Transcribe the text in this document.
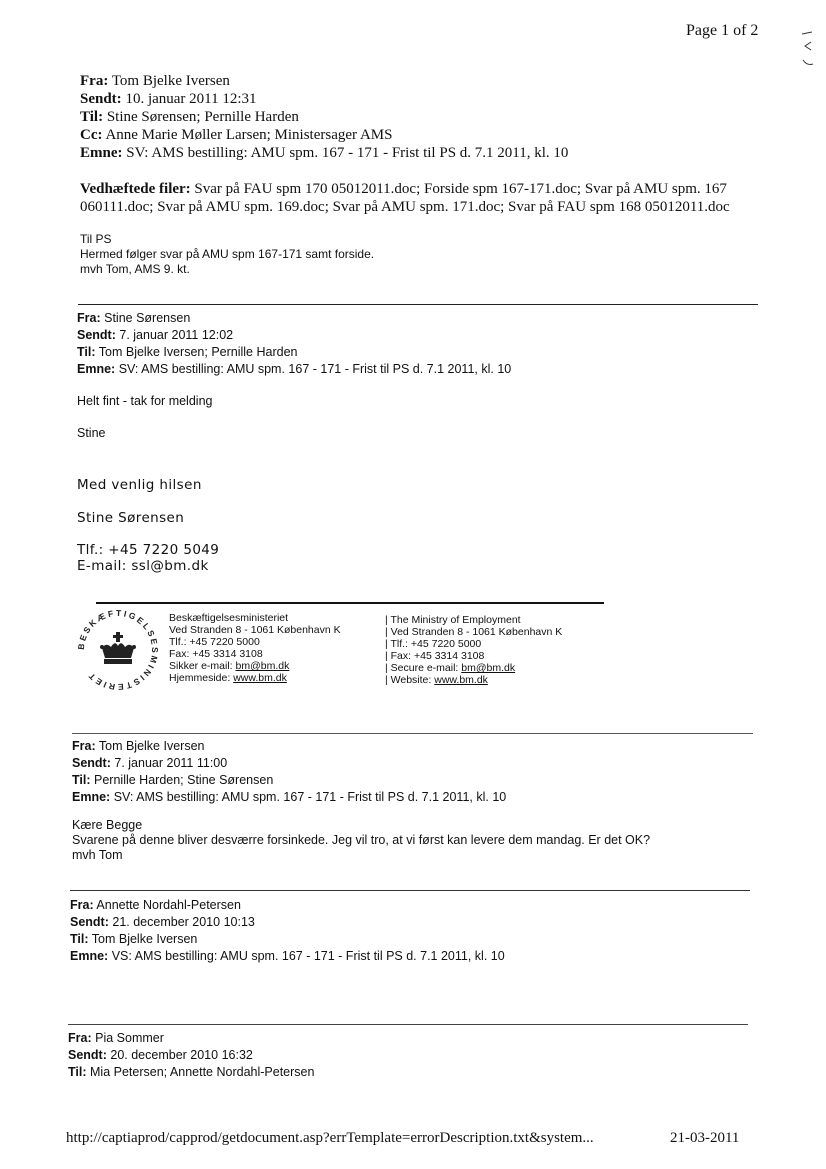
Page 1 of 2
Fra: Tom Bjelke Iversen
Sendt: 10. januar 2011 12:31
Til: Stine Sørensen; Pernille Harden
Cc: Anne Marie Møller Larsen; Ministersager AMS
Emne: SV: AMS bestilling: AMU spm. 167 - 171 - Frist til PS d. 7.1 2011, kl. 10
Vedhæftede filer: Svar på FAU spm 170 05012011.doc; Forside spm 167-171.doc; Svar på AMU spm. 167 060111.doc; Svar på AMU spm. 169.doc; Svar på AMU spm. 171.doc; Svar på FAU spm 168 05012011.doc
Til PS
Hermed følger svar på AMU spm 167-171 samt forside.
mvh Tom, AMS 9. kt.
Fra: Stine Sørensen
Sendt: 7. januar 2011 12:02
Til: Tom Bjelke Iversen; Pernille Harden
Emne: SV: AMS bestilling: AMU spm. 167 - 171 - Frist til PS d. 7.1 2011, kl. 10
Helt fint - tak for melding
Stine
Med venlig hilsen
Stine Sørensen
Tlf.: +45 7220 5049
E-mail: ssl@bm.dk
BESKÆFTIGELSESMINISTERIET
Beskæftigelsesministeriet
Ved Stranden 8 - 1061 København K
Tlf.: +45 7220 5000
Fax: +45 3314 3108
Sikker e-mail: bm@bm.dk
Hjemmeside: www.bm.dk
| The Ministry of Employment
| Ved Stranden 8 - 1061 København K
| Tlf.: +45 7220 5000
| Fax: +45 3314 3108
| Secure e-mail: bm@bm.dk
| Website: www.bm.dk
Fra: Tom Bjelke Iversen
Sendt: 7. januar 2011 11:00
Til: Pernille Harden; Stine Sørensen
Emne: SV: AMS bestilling: AMU spm. 167 - 171 - Frist til PS d. 7.1 2011, kl. 10
Kære Begge
Svarene på denne bliver desværre forsinkede. Jeg vil tro, at vi først kan levere dem mandag. Er det OK?
mvh Tom
Fra: Annette Nordahl-Petersen
Sendt: 21. december 2010 10:13
Til: Tom Bjelke Iversen
Emne: VS: AMS bestilling: AMU spm. 167 - 171 - Frist til PS d. 7.1 2011, kl. 10
Fra: Pia Sommer
Sendt: 20. december 2010 16:32
Til: Mia Petersen; Annette Nordahl-Petersen
http://captiaprod/capprod/getdocument.asp?errTemplate=errorDescription.txt&system...	21-03-2011
